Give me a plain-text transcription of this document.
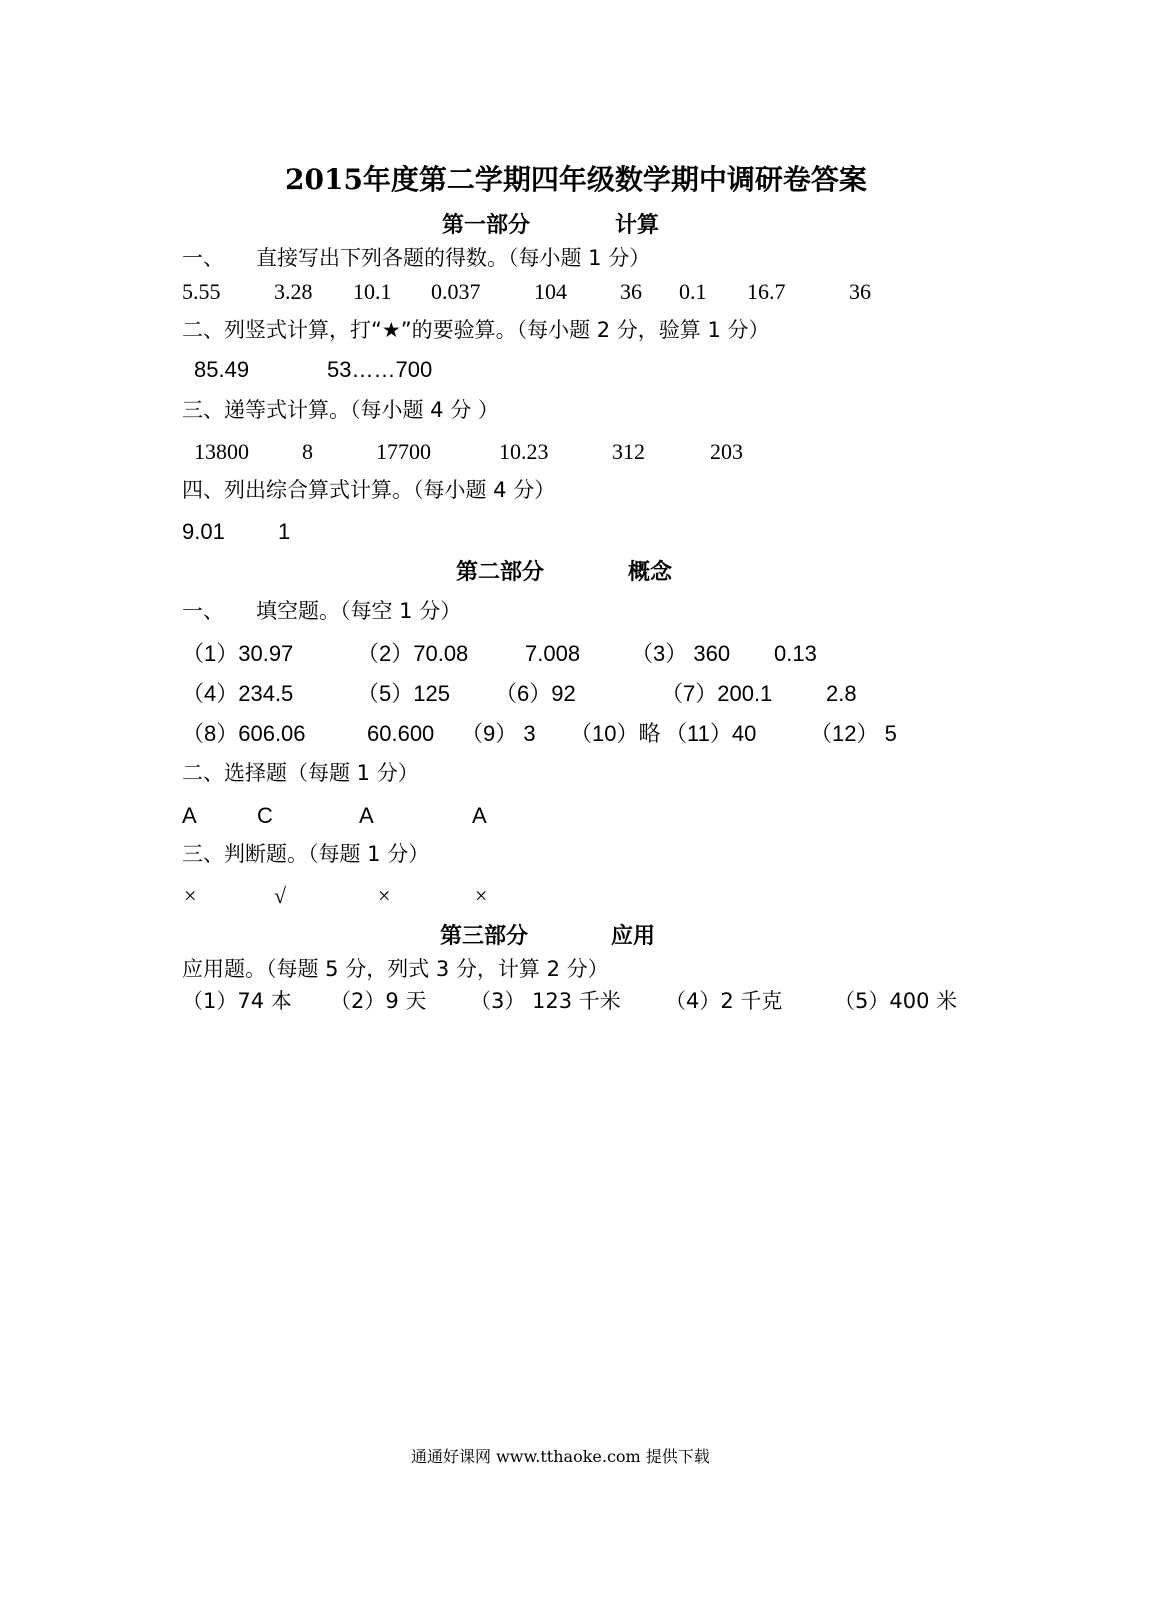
2015年度第二学期四年级数学期中调研卷答案
第一部分	计算
一、 直接写出下列各题的得数。（每小题 1 分）
5.55 3.28 10.1 0.037 104 36 0.1 16.7	36
二、列竖式计算，打“★”的要验算。（每小题 2 分，验算 1 分）
85.49	53……700
三、递等式计算。（每小题 4 分 ）
13800 8	17700	10.23	312	203
四、列出综合算式计算。（每小题 4 分）
9.01 1
第二部分	概念
一、 填空题。（每空 1 分）
（1）30.97	（2）70.08	7.008 （3） 360 0.13
（4）234.5	（5）125 （6）92	（7）200.1 2.8
（8）606.06	60.600 （9） 3 （10）略 （11）40 （12） 5
二、选择题（每题 1 分）
A	C	A	A
三、判断题。（每题 1 分）
×	√	×	×
第三部分	应用
应用题。（每题 5 分，列式 3 分，计算 2 分）
（1）74 本 （2）9 天 （3） 123 千米 （4）2 千克 （5）400 米
通通好课网 www.tthaoke.com 提供下载
